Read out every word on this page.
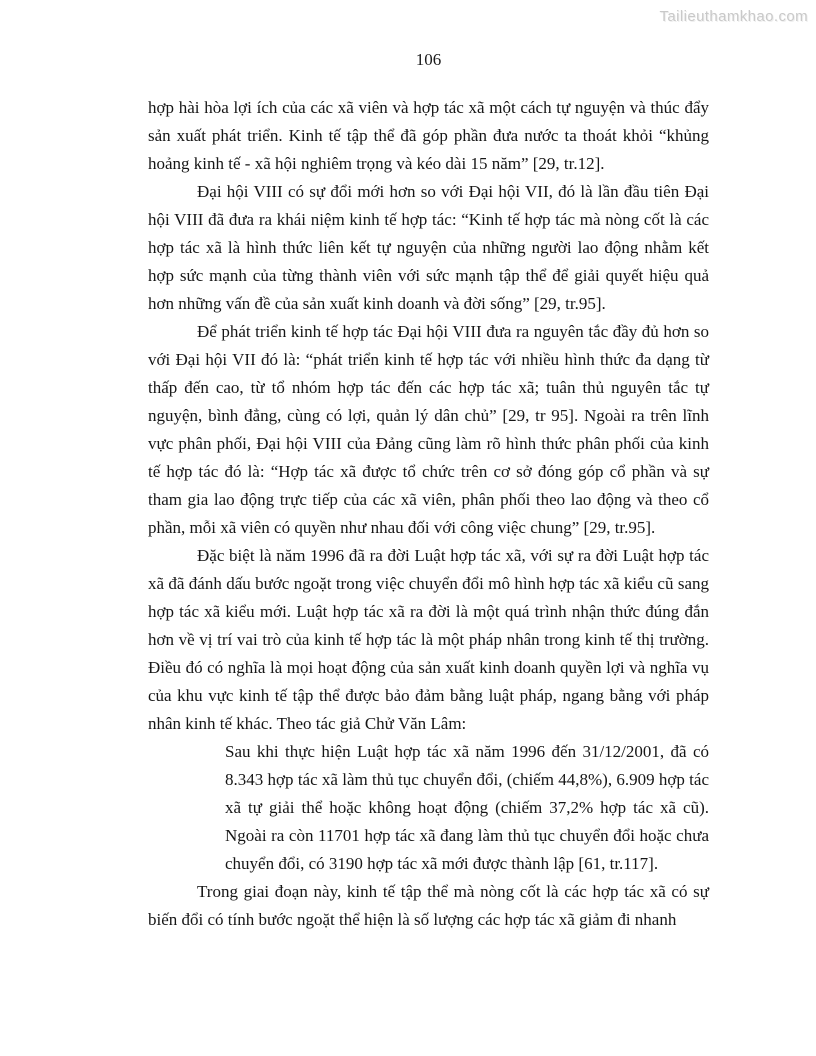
Tailieuthamkhao.com
106

hợp hài hòa lợi ích của các xã viên và hợp tác xã một cách tự nguyện và thúc đẩy sản xuất phát triển. Kinh tế tập thể đã góp phần đưa nước ta thoát khỏi “khủng hoảng kinh tế - xã hội nghiêm trọng và kéo dài 15 năm” [29, tr.12].

Đại hội VIII có sự đổi mới hơn so với Đại hội VII, đó là lần đầu tiên Đại hội VIII đã đưa ra khái niệm kinh tế hợp tác: “Kinh tế hợp tác mà nòng cốt là các hợp tác xã là hình thức liên kết tự nguyện của những người lao động nhằm kết hợp sức mạnh của từng thành viên với sức mạnh tập thể để giải quyết hiệu quả hơn những vấn đề của sản xuất kinh doanh và đời sống” [29, tr.95].

Để phát triển kinh tế hợp tác Đại hội VIII đưa ra nguyên tắc đầy đủ hơn so với Đại hội VII đó là: “phát triển kinh tế hợp tác với nhiều hình thức đa dạng từ thấp đến cao, từ tổ nhóm hợp tác đến các hợp tác xã; tuân thủ nguyên tắc tự nguyện, bình đẳng, cùng có lợi, quản lý dân chủ” [29, tr 95]. Ngoài ra trên lĩnh vực phân phối, Đại hội VIII của Đảng cũng làm rõ hình thức phân phối của kinh tế hợp tác đó là: “Hợp tác xã được tổ chức trên cơ sở đóng góp cổ phần và sự tham gia lao động trực tiếp của các xã viên, phân phối theo lao động và theo cổ phần, mỗi xã viên có quyền như nhau đối với công việc chung” [29, tr.95].

Đặc biệt là năm 1996 đã ra đời Luật hợp tác xã, với sự ra đời Luật hợp tác xã đã đánh dấu bước ngoặt trong việc chuyển đổi mô hình hợp tác xã kiểu cũ sang hợp tác xã kiểu mới. Luật hợp tác xã ra đời là một quá trình nhận thức đúng đắn hơn về vị trí vai trò của kinh tế hợp tác là một pháp nhân trong kinh tế thị trường. Điều đó có nghĩa là mọi hoạt động của sản xuất kinh doanh quyền lợi và nghĩa vụ của khu vực kinh tế tập thể được bảo đảm bằng luật pháp, ngang bằng với pháp nhân kinh tế khác. Theo tác giả Chử Văn Lâm:

Sau khi thực hiện Luật hợp tác xã năm 1996 đến 31/12/2001, đã có 8.343 hợp tác xã làm thủ tục chuyển đổi, (chiếm 44,8%), 6.909 hợp tác xã tự giải thể hoặc không hoạt động (chiếm 37,2% hợp tác xã cũ). Ngoài ra còn 11701 hợp tác xã đang làm thủ tục chuyển đổi hoặc chưa chuyển đổi, có 3190 hợp tác xã mới được thành lập [61, tr.117].

Trong giai đoạn này, kinh tế tập thể mà nòng cốt là các hợp tác xã có sự biến đổi có tính bước ngoặt thể hiện là số lượng các hợp tác xã giảm đi nhanh
